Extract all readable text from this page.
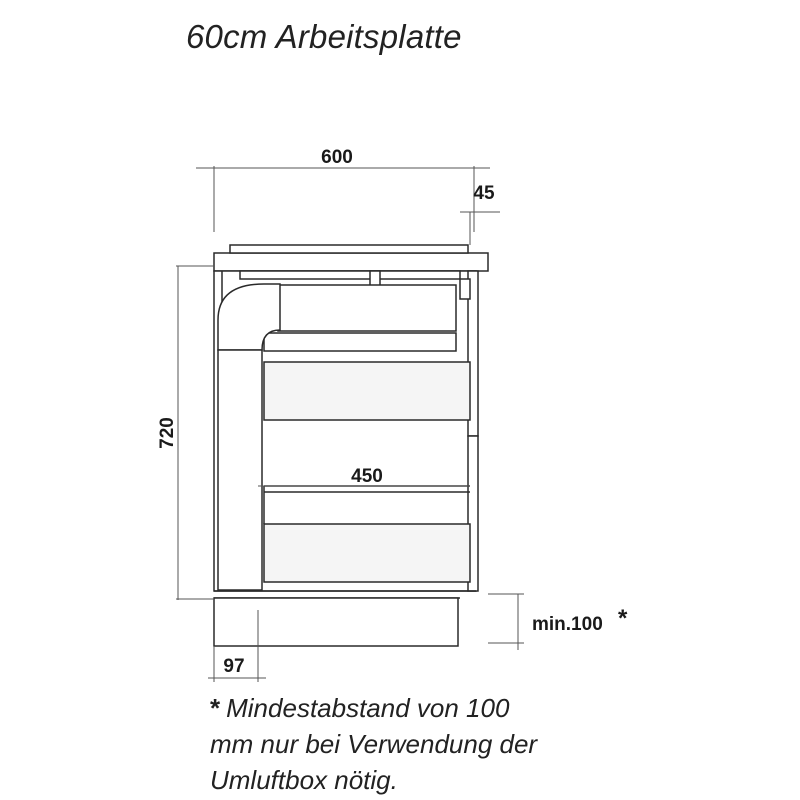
60cm Arbeitsplatte
600
45
720
450
min.100 *
97
* Mindestabstand von 100
mm nur bei Verwendung der
Umluftbox nötig.
